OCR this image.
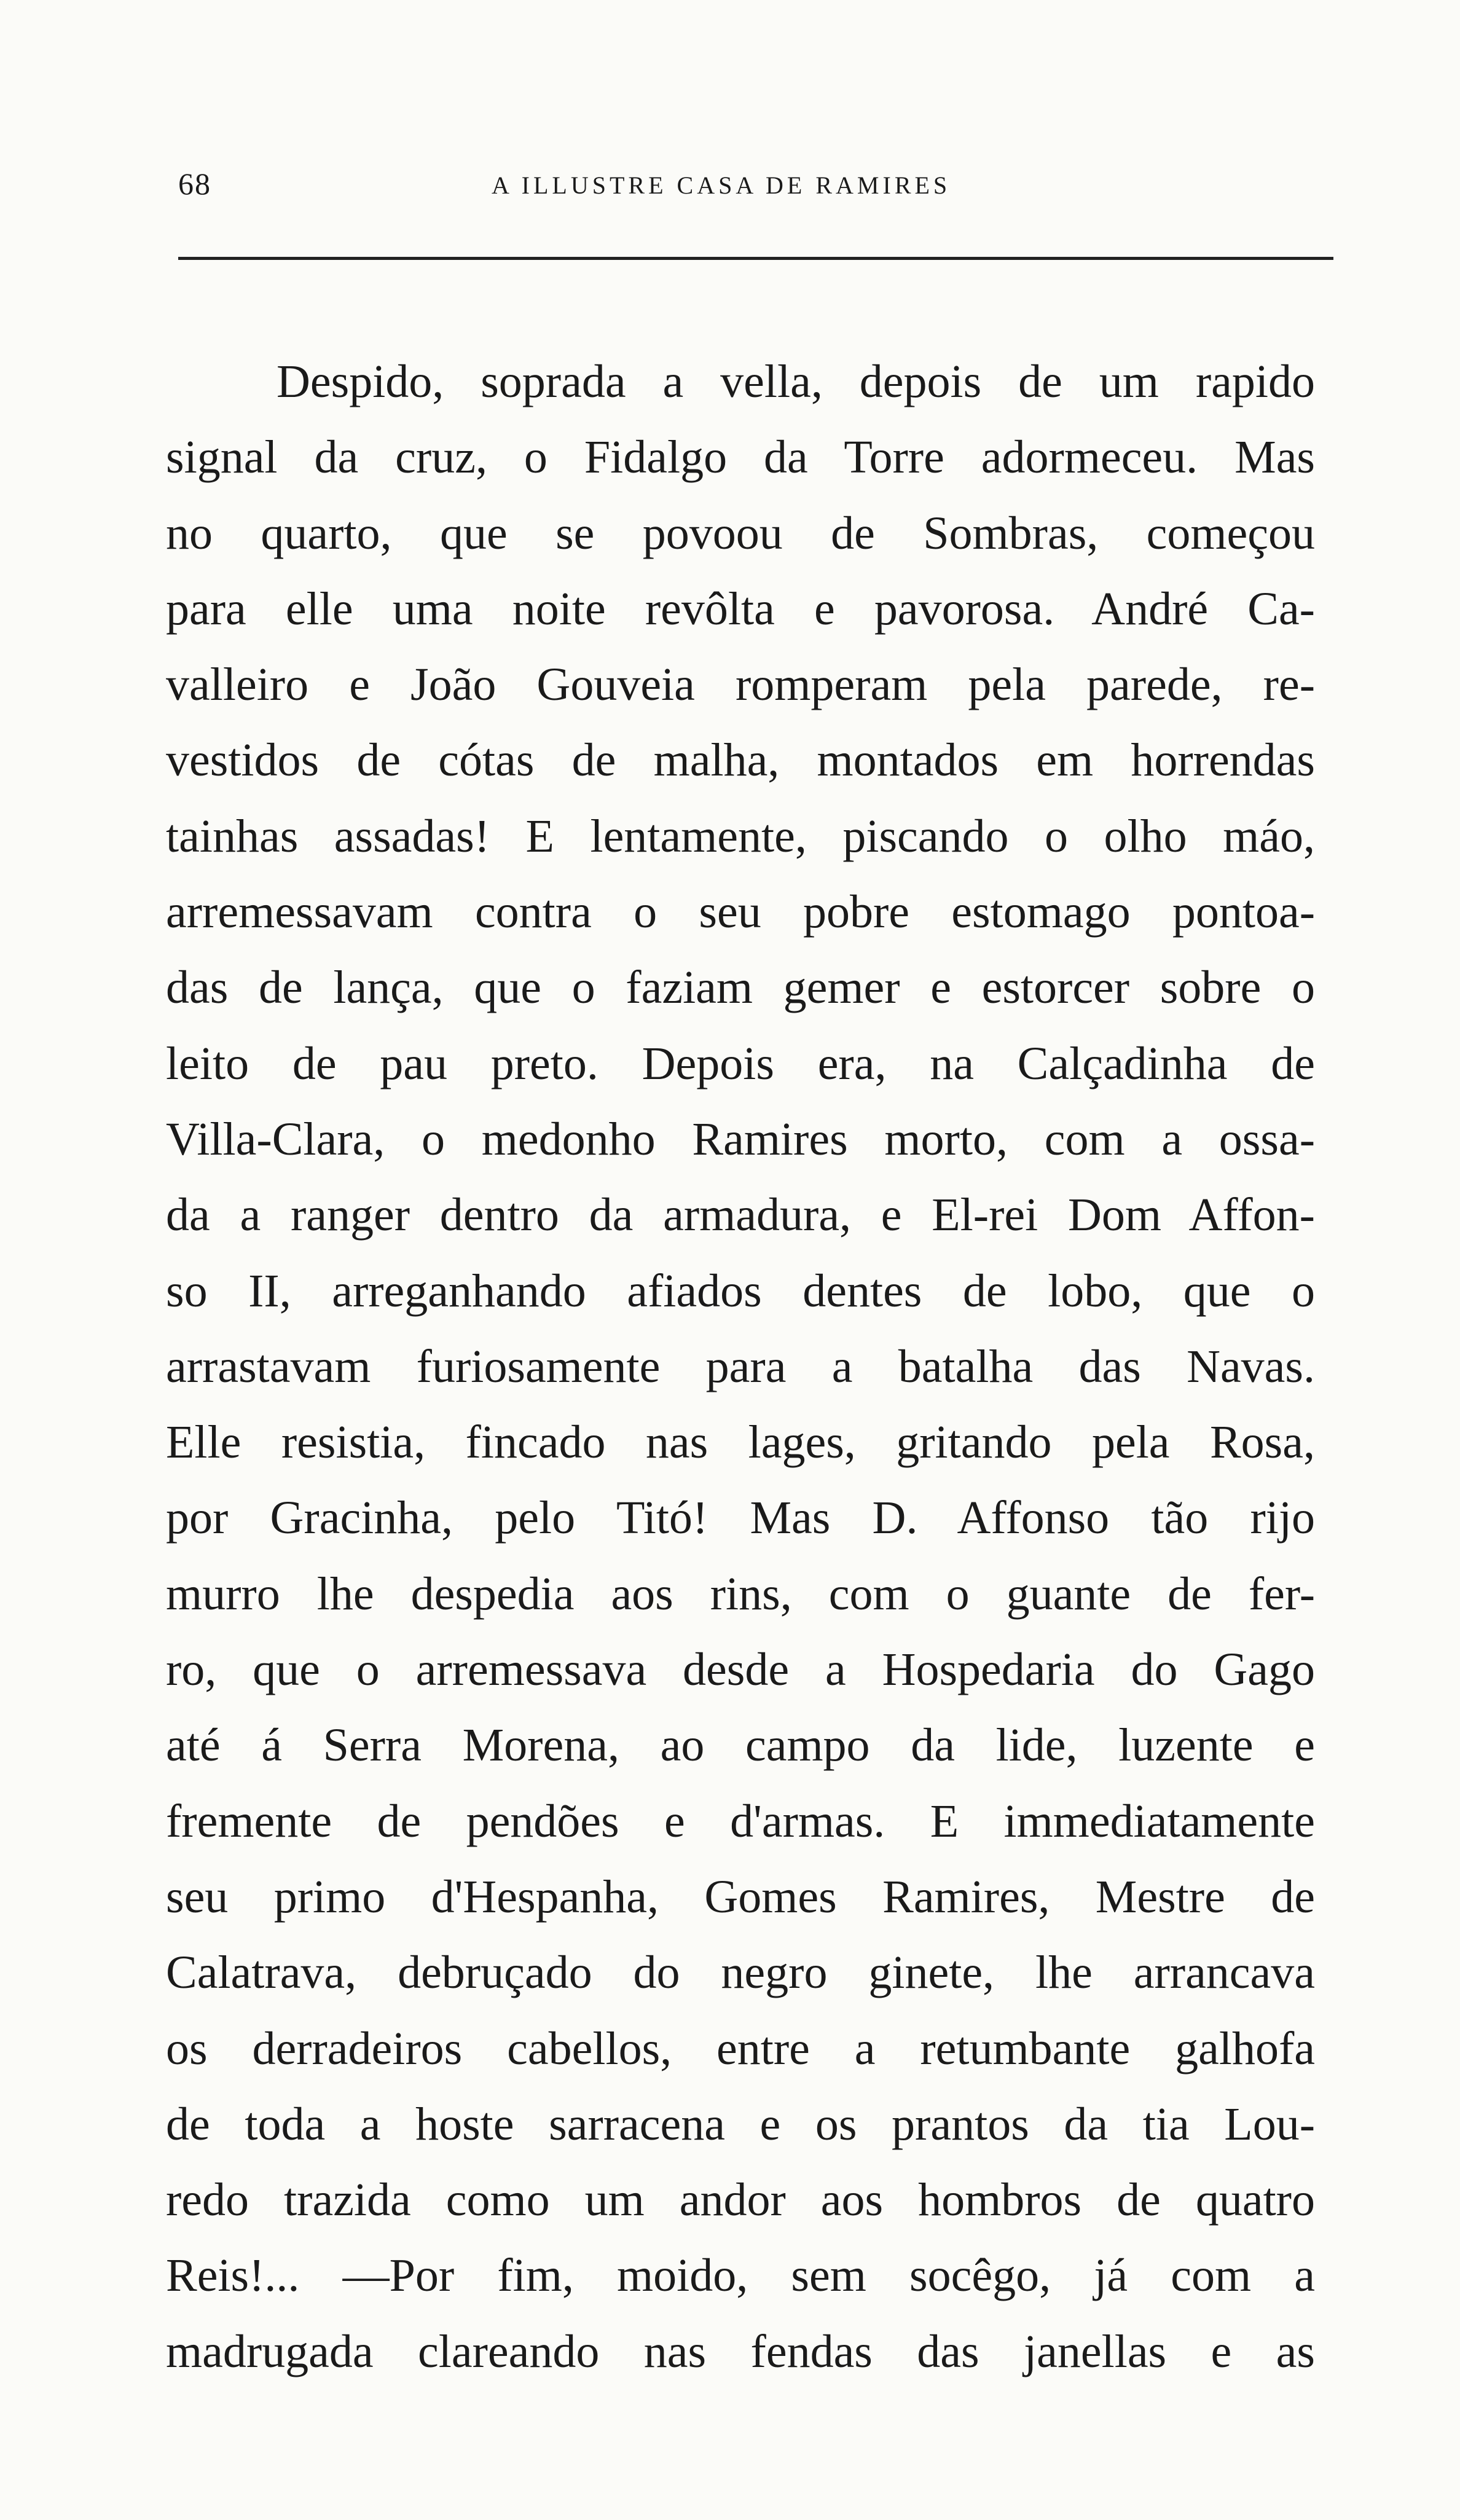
68	A ILLUSTRE CASA DE RAMIRES
Despido, soprada a vella, depois de um rapido
signal da cruz, o Fidalgo da Torre adormeceu. Mas
no quarto, que se povoou de Sombras, começou
para elle uma noite revôlta e pavorosa. André Ca-
valleiro e João Gouveia romperam pela parede, re-
vestidos de cótas de malha, montados em horrendas
tainhas assadas! E lentamente, piscando o olho máo,
arremessavam contra o seu pobre estomago pontoa-
das de lança, que o faziam gemer e estorcer sobre o
leito de pau preto. Depois era, na Calçadinha de
Villa-Clara, o medonho Ramires morto, com a ossa-
da a ranger dentro da armadura, e El-rei Dom Affon-
so II, arreganhando afiados dentes de lobo, que o
arrastavam furiosamente para a batalha das Navas.
Elle resistia, fincado nas lages, gritando pela Rosa,
por Gracinha, pelo Titó! Mas D. Affonso tão rijo
murro lhe despedia aos rins, com o guante de fer-
ro, que o arremessava desde a Hospedaria do Gago
até á Serra Morena, ao campo da lide, luzente e
fremente de pendões e d'armas. E immediatamente
seu primo d'Hespanha, Gomes Ramires, Mestre de
Calatrava, debruçado do negro ginete, lhe arrancava
os derradeiros cabellos, entre a retumbante galhofa
de toda a hoste sarracena e os prantos da tia Lou-
redo trazida como um andor aos hombros de quatro
Reis!... —Por fim, moido, sem socêgo, já com a
madrugada clareando nas fendas das janellas e as
